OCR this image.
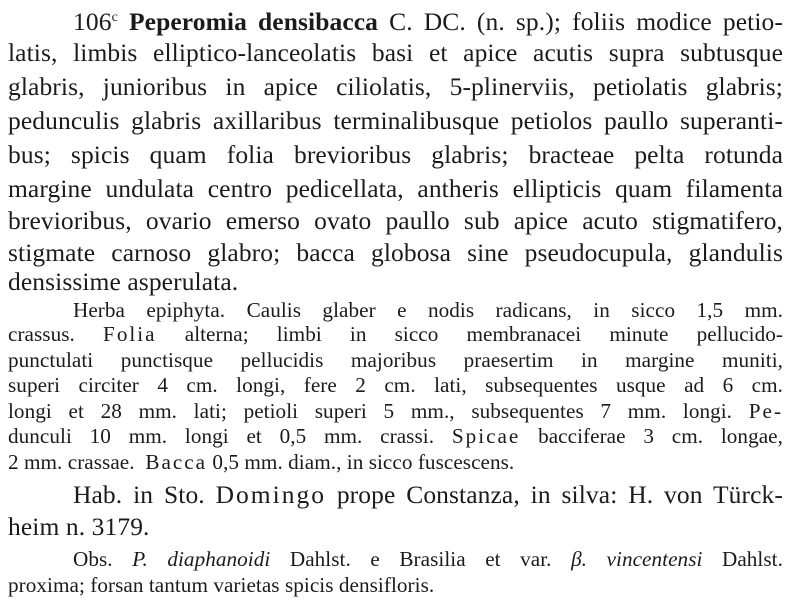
106$^c$ Peperomia densibacca C. DC. (n. sp.); foliis modice petio-
latis, limbis elliptico-lanceolatis basi et apice acutis supra subtusque
glabris, junioribus in apice ciliolatis, 5-plinerviis, petiolatis glabris;
pedunculis glabris axillaribus terminalibusque petiolos paullo superanti-
bus; spicis quam folia brevioribus glabris; bracteae pelta rotunda
margine undulata centro pedicellata, antheris ellipticis quam filamenta
brevioribus, ovario emerso ovato paullo sub apice acuto stigmatifero,
stigmate carnoso glabro; bacca globosa sine pseudocupula, glandulis
densissime asperulata.
Herba epiphyta. Caulis glaber e nodis radicans, in sicco 1,5 mm.
crassus. Folia alterna; limbi in sicco membranacei minute pellucido-
punctulati punctisque pellucidis majoribus praesertim in margine muniti,
superi circiter 4 cm. longi, fere 2 cm. lati, subsequentes usque ad 6 cm.
longi et 28 mm. lati; petioli superi 5 mm., subsequentes 7 mm. longi. Pe-
dunculi 10 mm. longi et 0,5 mm. crassi. Spicae bacciferae 3 cm. longae,
2 mm. crassae. Bacca 0,5 mm. diam., in sicco fuscescens.
Hab. in Sto. Domingo prope Constanza, in silva: H. von Türck-
heim n. 3179.
Obs. P. diaphanoidi Dahlst. e Brasilia et var. β. vincentensi Dahlst.
proxima; forsan tantum varietas spicis densifloris.
